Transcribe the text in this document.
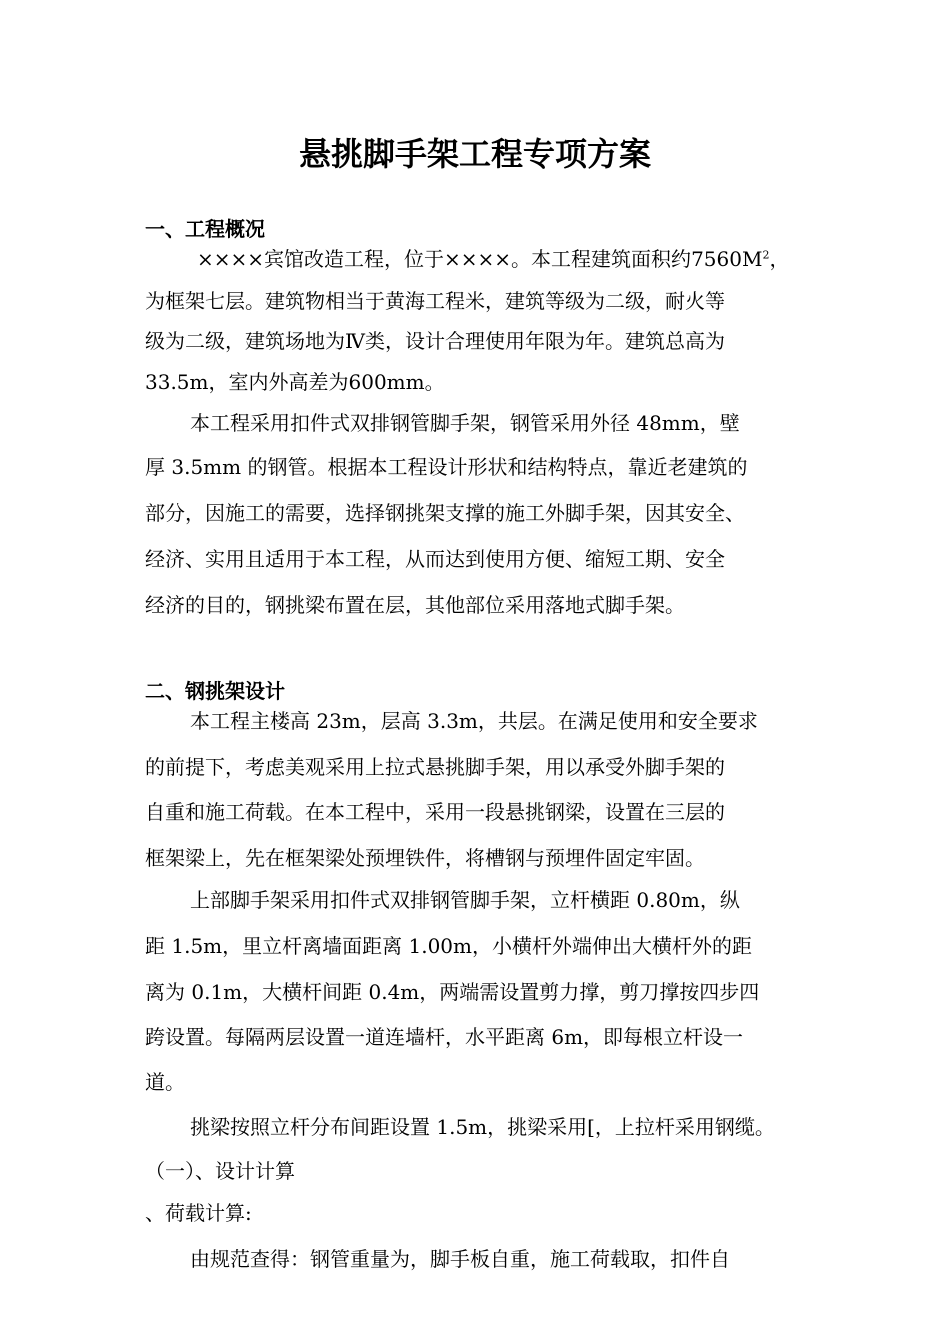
悬挑脚手架工程专项方案
一、工程概况
××××宾馆改造工程，位于××××。本工程建筑面积约$7560M^2$，
为框架七层。建筑物相当于黄海工程米，建筑等级为二级，耐火等
级为二级，建筑场地为Ⅳ类，设计合理使用年限为年。建筑总高为
33.5m，室内外高差为600mm。
本工程采用扣件式双排钢管脚手架，钢管采用外径 48mm，壁
厚 3.5mm 的钢管。根据本工程设计形状和结构特点，靠近老建筑的
部分，因施工的需要，选择钢挑架支撑的施工外脚手架，因其安全、
经济、实用且适用于本工程，从而达到使用方便、缩短工期、安全
经济的目的，钢挑梁布置在层，其他部位采用落地式脚手架。
二、钢挑架设计
本工程主楼高 23m，层高 3.3m，共层。在满足使用和安全要求
的前提下，考虑美观采用上拉式悬挑脚手架，用以承受外脚手架的
自重和施工荷载。在本工程中，采用一段悬挑钢梁，设置在三层的
框架梁上，先在框架梁处预埋铁件，将槽钢与预埋件固定牢固。
上部脚手架采用扣件式双排钢管脚手架，立杆横距 0.80m，纵
距 1.5m，里立杆离墙面距离 1.00m，小横杆外端伸出大横杆外的距
离为 0.1m，大横杆间距 0.4m，两端需设置剪力撑，剪刀撑按四步四
跨设置。每隔两层设置一道连墙杆，水平距离 6m，即每根立杆设一
道。
挑梁按照立杆分布间距设置 1.5m，挑梁采用[，上拉杆采用钢缆。
（一）、设计计算
、荷载计算:
由规范查得：钢管重量为，脚手板自重，施工荷载取，扣件自
